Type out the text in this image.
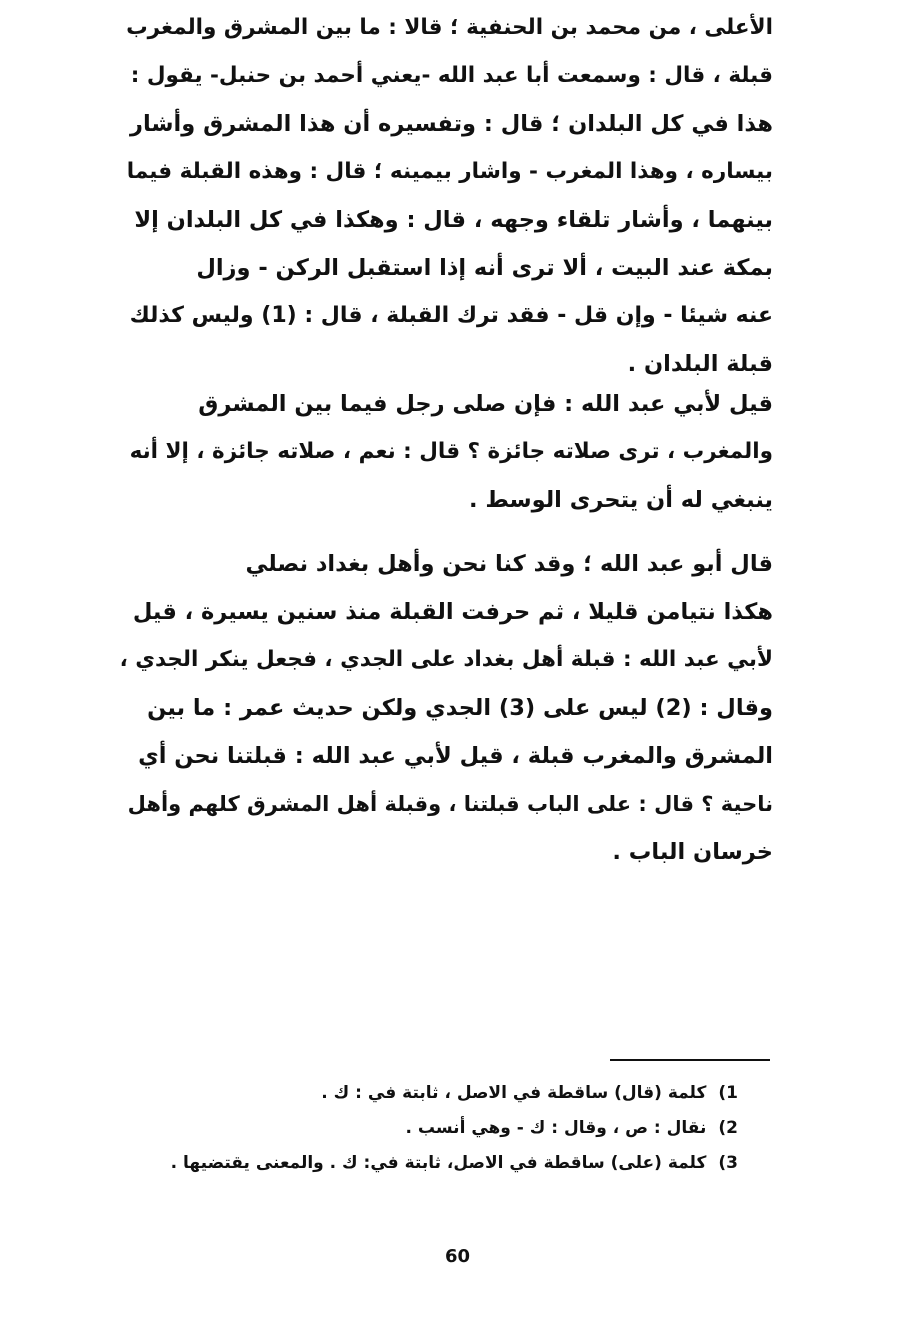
الأعلى ، من محمد بن الحنفية ؛ قالا : ما بين المشرق والمغرب
قبلة ، قال : وسمعت أبا عبد الله -يعني أحمد بن حنبل- يقول :
هذا في كل البلدان ؛ قال : وتفسيره أن هذا المشرق وأشار
بيساره ، وهذا المغرب - واشار بيمينه ؛ قال : وهذه القبلة فيما
بينهما ، وأشار تلقاء وجهه ، قال : وهكذا في كل البلدان إلا
بمكة عند البيت ، ألا ترى أنه إذا استقبل الركن - وزال
عنه شيئا - وإن قل - فقد ترك القبلة ، قال : (1) وليس كذلك
قبلة البلدان .
قيل لأبي عبد الله : فإن صلى رجل فيما بين المشرق
والمغرب ، ترى صلاته جائزة ؟ قال : نعم ، صلاته جائزة ، إلا أنه
ينبغي له أن يتحرى الوسط .
قال أبو عبد الله ؛ وقد كنا نحن وأهل بغداد نصلي
هكذا نتيامن قليلا ، ثم حرفت القبلة منذ سنين يسيرة ، قيل
لأبي عبد الله : قبلة أهل بغداد على الجدي ، فجعل ينكر الجدي ،
وقال : (2) ليس على (3) الجدي ولكن حديث عمر : ما بين
المشرق والمغرب قبلة ، قيل لأبي عبد الله : قبلتنا نحن أي
ناحية ؟ قال : على الباب قبلتنا ، وقبلة أهل المشرق كلهم وأهل
خرسان الباب .
1)كلمة (قال) ساقطة في الاصل ، ثابتة في : ك .
2)نقال : ص ، وقال : ك - وهي أنسب .
3)كلمة (على) ساقطة في الاصل، ثابتة في: ك . والمعنى يقتضيها .
60
